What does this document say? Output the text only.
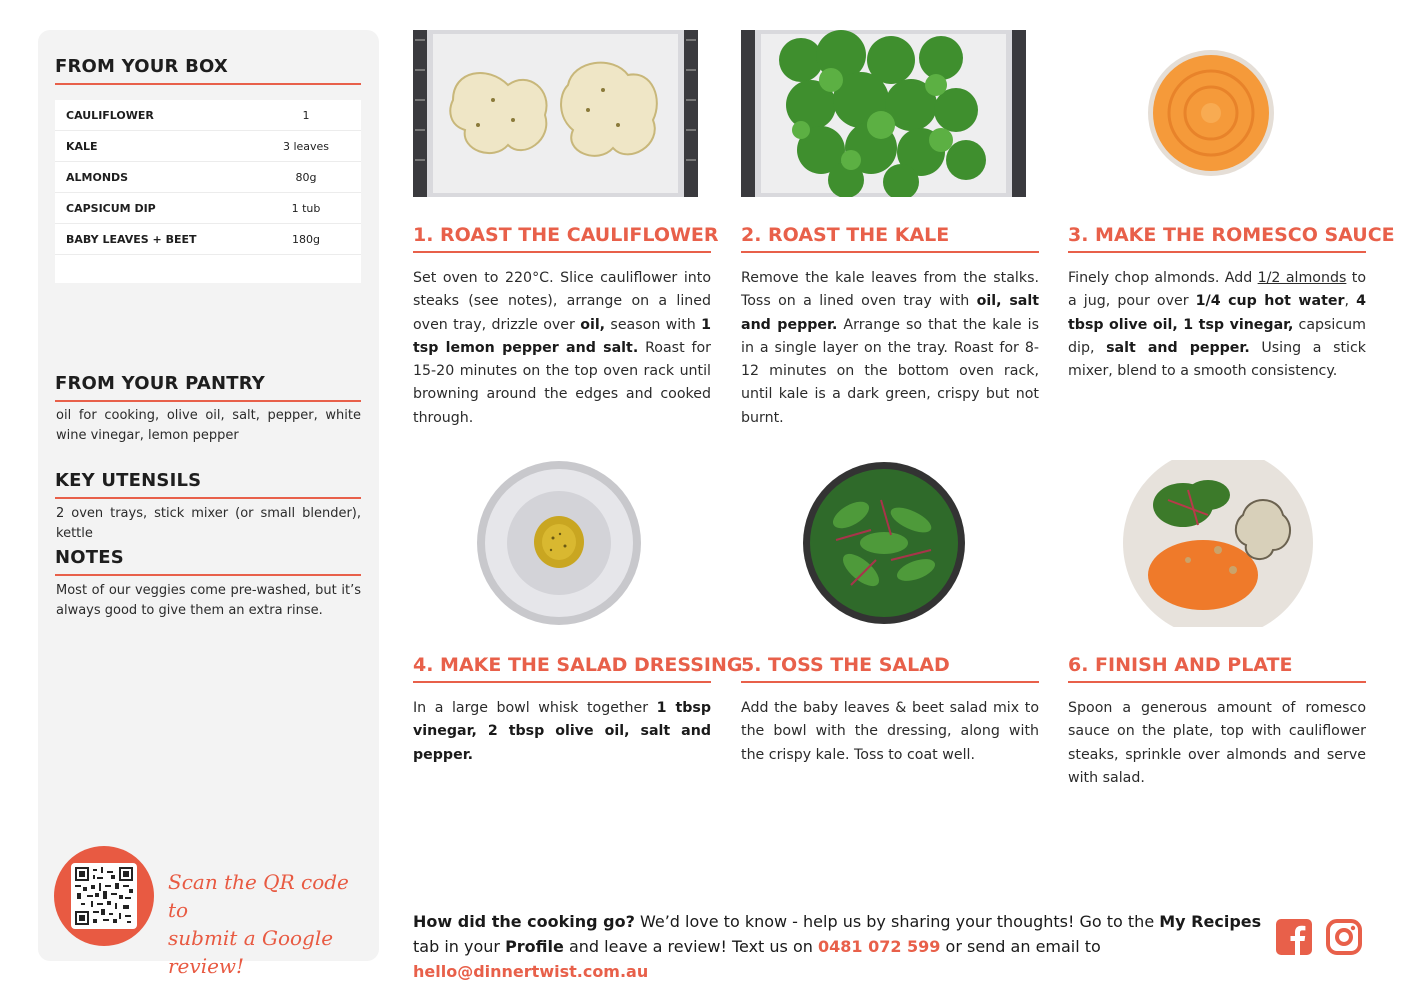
FROM YOUR BOX
CAULIFLOWER	1
KALE	3 leaves
ALMONDS	80g
CAPSICUM DIP	1 tub
BABY LEAVES + BEET	180g
FROM YOUR PANTRY
oil for cooking, olive oil, salt, pepper, white wine vinegar, lemon pepper
KEY UTENSILS
2 oven trays, stick mixer (or small blender), kettle
NOTES
Most of our veggies come pre-washed, but it’s always good to give them an extra rinse.
Scan the QR code to
submit a Google review!
1. ROAST THE CAULIFLOWER 2. ROAST THE KALE	3. MAKE THE ROMESCO SAUCE
4. MAKE THE SALAD DRESSING
5. TOSS THE SALAD	6. FINISH AND PLATE
Set oven to 220°C. Slice cauliflower into steaks (see notes), arrange on a lined oven tray, drizzle over oil, season with 1 tsp lemon pepper and salt. Roast for 15-20 minutes on the top oven rack until browning around the edges and cooked through.
Remove the kale leaves from the stalks. Toss on a lined oven tray with oil, salt and pepper. Arrange so that the kale is in a single layer on the tray. Roast for 8-12 minutes on the bottom oven rack, until kale is a dark green, crispy but not burnt.
Finely chop almonds. Add 1/2 almonds to a jug, pour over 1/4 cup hot water, 4 tbsp olive oil, 1 tsp vinegar, capsicum dip, salt and pepper. Using a stick mixer, blend to a smooth consistency.
In a large bowl whisk together 1 tbsp vinegar, 2 tbsp olive oil, salt and pepper.
Add the baby leaves & beet salad mix to the bowl with the dressing, along with the crispy kale. Toss to coat well.
Spoon a generous amount of romesco sauce on the plate, top with cauliflower steaks, sprinkle over almonds and serve with salad.
How did the cooking go? We’d love to know - help us by sharing your thoughts! Go to the My Recipes tab in your Profile and leave a review! Text us on 0481 072 599 or send an email to hello@dinnertwist.com.au
